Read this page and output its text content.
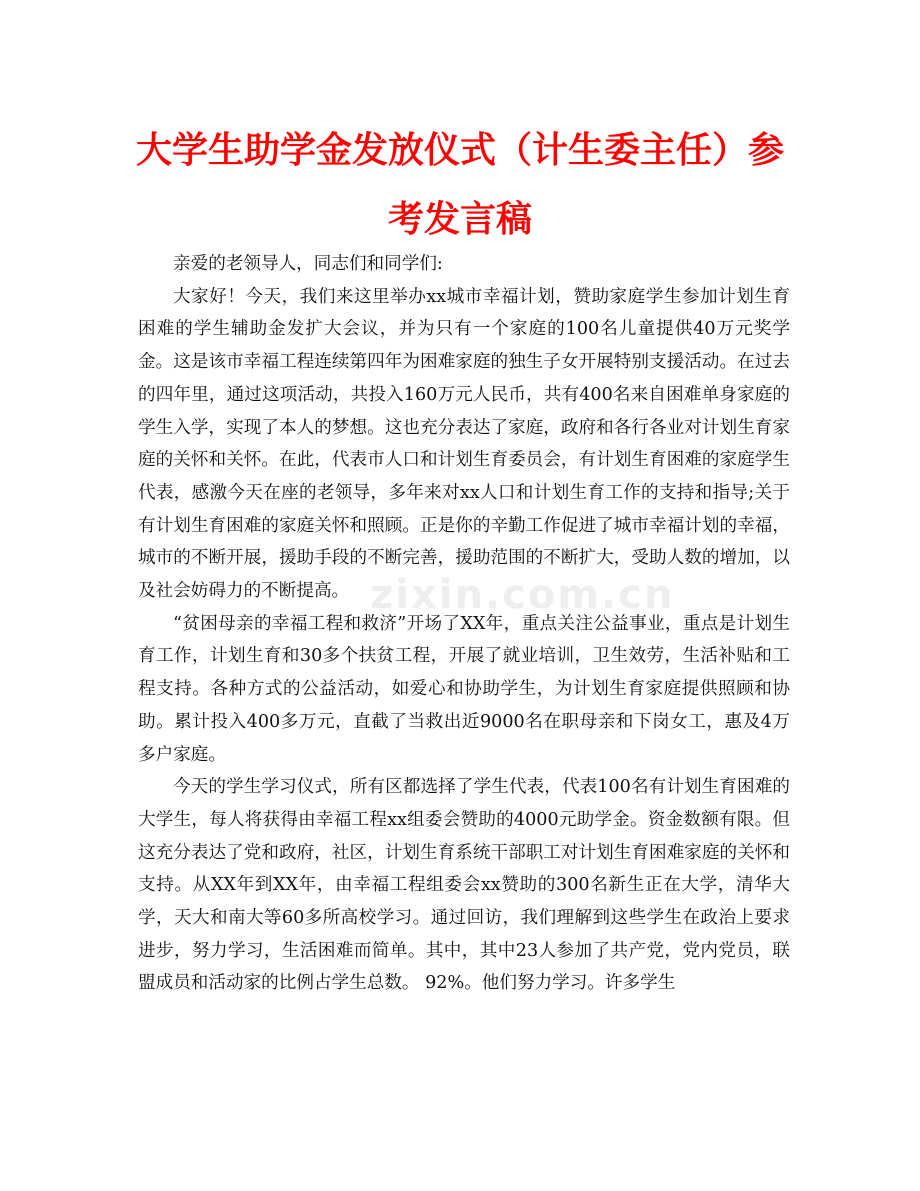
大学生助学金发放仪式（计生委主任）参
考发言稿

亲爱的老领导人，同志们和同学们:

大家好！今天，我们来这里举办xx城市幸福计划，赞助家庭学生参加计划生育困难的学生辅助金发扩大会议，并为只有一个家庭的100名儿童提供40万元奖学金。这是该市幸福工程连续第四年为困难家庭的独生子女开展特别支援活动。在过去的四年里，通过这项活动，共投入160万元人民币，共有400名来自困难单身家庭的学生入学，实现了本人的梦想。这也充分表达了家庭，政府和各行各业对计划生育家庭的关怀和关怀。在此，代表市人口和计划生育委员会，有计划生育困难的家庭学生代表，感激今天在座的老领导，多年来对xx人口和计划生育工作的支持和指导;关于有计划生育困难的家庭关怀和照顾。正是你的辛勤工作促进了城市幸福计划的幸福，城市的不断开展，援助手段的不断完善，援助范围的不断扩大，受助人数的增加，以及社会妨碍力的不断提高。

“贫困母亲的幸福工程和救济”开场了XX年，重点关注公益事业，重点是计划生育工作，计划生育和30多个扶贫工程，开展了就业培训，卫生效劳，生活补贴和工程支持。各种方式的公益活动，如爱心和协助学生，为计划生育家庭提供照顾和协助。累计投入400多万元，直截了当救出近9000名在职母亲和下岗女工，惠及4万多户家庭。

今天的学生学习仪式，所有区都选择了学生代表，代表100名有计划生育困难的大学生，每人将获得由幸福工程xx组委会赞助的4000元助学金。资金数额有限。但这充分表达了党和政府，社区，计划生育系统干部职工对计划生育困难家庭的关怀和支持。从XX年到XX年，由幸福工程组委会xx赞助的300名新生正在大学，清华大学，天大和南大等60多所高校学习。通过回访，我们理解到这些学生在政治上要求进步，努力学习，生活困难而简单。其中，其中23人参加了共产党，党内党员，联盟成员和活动家的比例占学生总数。 92%。他们努力学习。许多学生

zixin.com.cn
